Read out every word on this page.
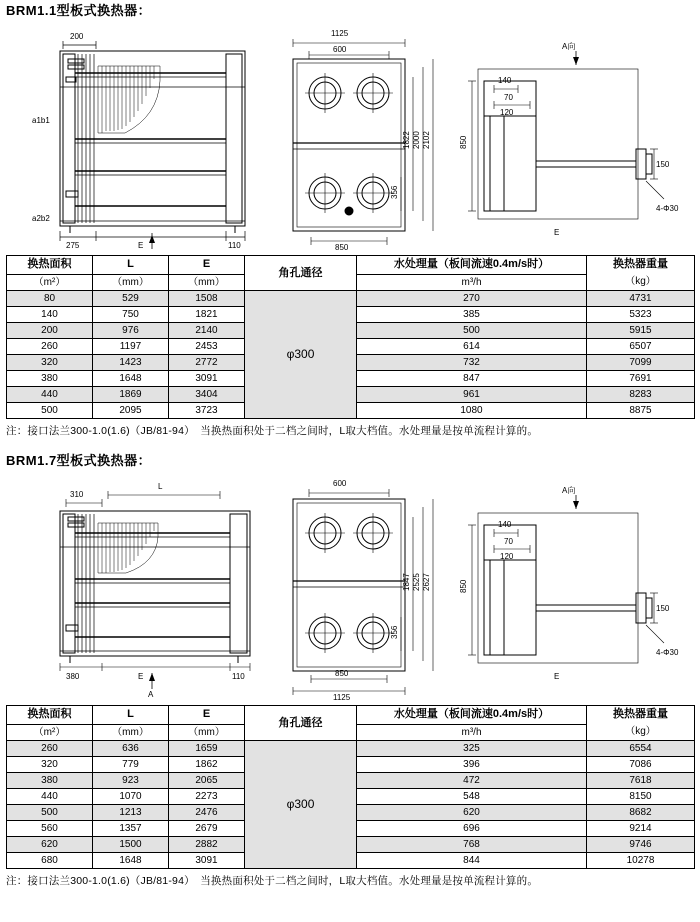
BRM1.1型板式换热器：
200
275	110
E
a1b1
a2b2
1125
600
1822 2000 2102
356
850
140
70
120
850
150
4-Φ30
A向
E
换热面积	L	E	角孔通径	水处理量（板间流速0.4m/s时）	换热器重量
（kg）

（m²）	（mm）	（mm）		m³/h	
80	529	1508	φ300	270	4731
140	750	1821		385	5323
200	976	2140		500	5915
260	1197	2453		614	6507
320	1423	2772		732	7099
380	1648	3091		847	7691
440	1869	3404		961	8283
500	2095	3723		1080	8875
注：接口法兰300-1.0(1.6)（JB/81-94）　当换热面积处于二档之间时，L取大档值。水处理量是按单流程计算的。
BRM1.7型板式换热器：
310
L
380	110
E
A
600
1847 2525 2627
356
850
1125
140
70
120
850
150
4-Φ30
A向
E
换热面积	L	E	角孔通径	水处理量（板间流速0.4m/s时）	换热器重量
（kg）

（m²）	（mm）	（mm）		m³/h	
260	636	1659	φ300	325	6554
320	779	1862		396	7086
380	923	2065		472	7618
440	1070	2273		548	8150
500	1213	2476		620	8682
560	1357	2679		696	9214
620	1500	2882		768	9746
680	1648	3091		844	10278
注：接口法兰300-1.0(1.6)（JB/81-94）　当换热面积处于二档之间时，L取大档值。水处理量是按单流程计算的。
